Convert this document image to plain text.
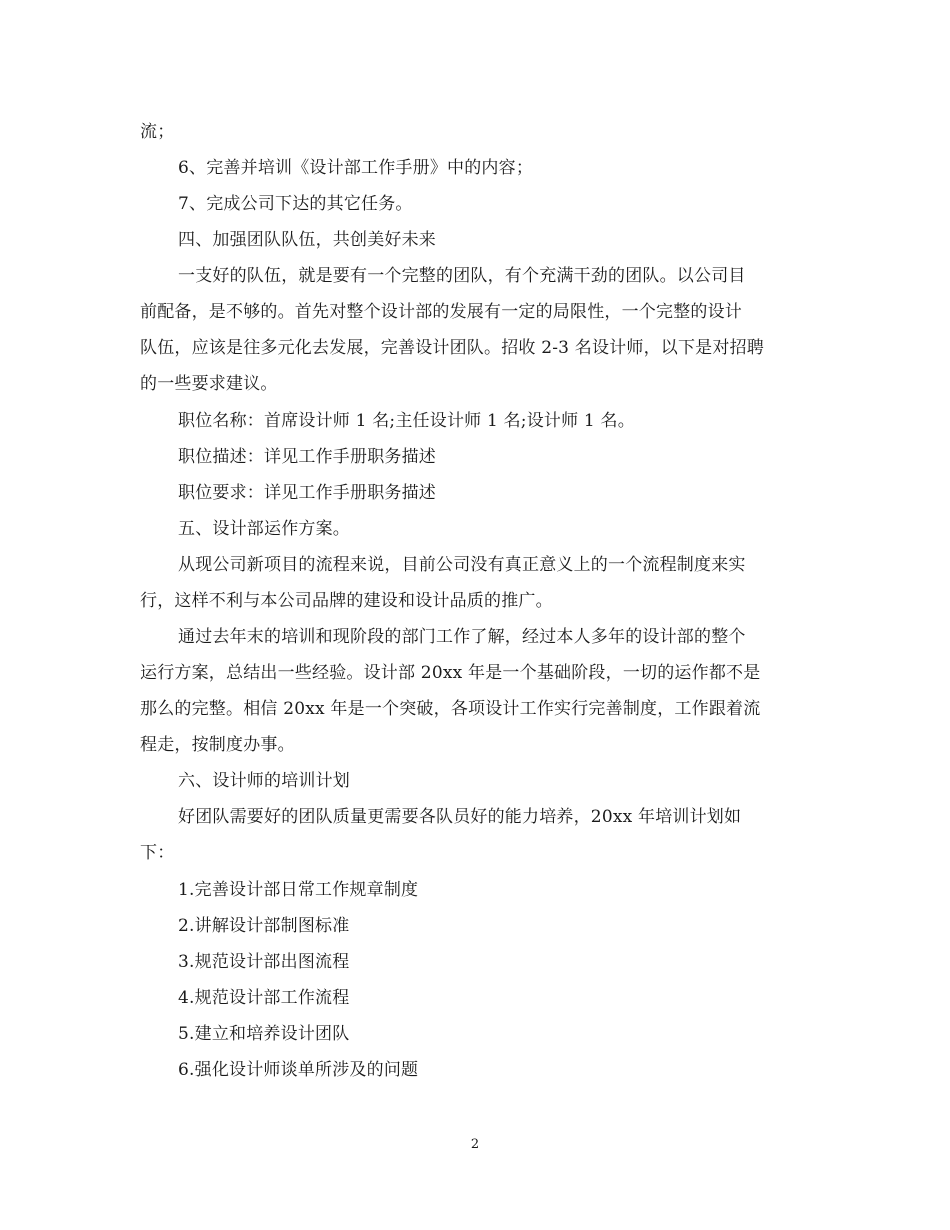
流；
6、完善并培训《设计部工作手册》中的内容；
7、完成公司下达的其它任务。
四、加强团队队伍，共创美好未来
一支好的队伍，就是要有一个完整的团队，有个充满干劲的团队。以公司目
前配备，是不够的。首先对整个设计部的发展有一定的局限性，一个完整的设计
队伍，应该是往多元化去发展，完善设计团队。招收 2-3 名设计师，以下是对招聘
的一些要求建议。
职位名称：首席设计师 1 名;主任设计师 1 名;设计师 1 名。
职位描述：详见工作手册职务描述
职位要求：详见工作手册职务描述
五、设计部运作方案。
从现公司新项目的流程来说，目前公司没有真正意义上的一个流程制度来实
行，这样不利与本公司品牌的建设和设计品质的推广。
通过去年末的培训和现阶段的部门工作了解，经过本人多年的设计部的整个
运行方案，总结出一些经验。设计部 20xx 年是一个基础阶段，一切的运作都不是
那么的完整。相信 20xx 年是一个突破，各项设计工作实行完善制度，工作跟着流
程走，按制度办事。
六、设计师的培训计划
好团队需要好的团队质量更需要各队员好的能力培养，20xx 年培训计划如
下：
1.完善设计部日常工作规章制度
2.讲解设计部制图标准
3.规范设计部出图流程
4.规范设计部工作流程
5.建立和培养设计团队
6.强化设计师谈单所涉及的问题
2
